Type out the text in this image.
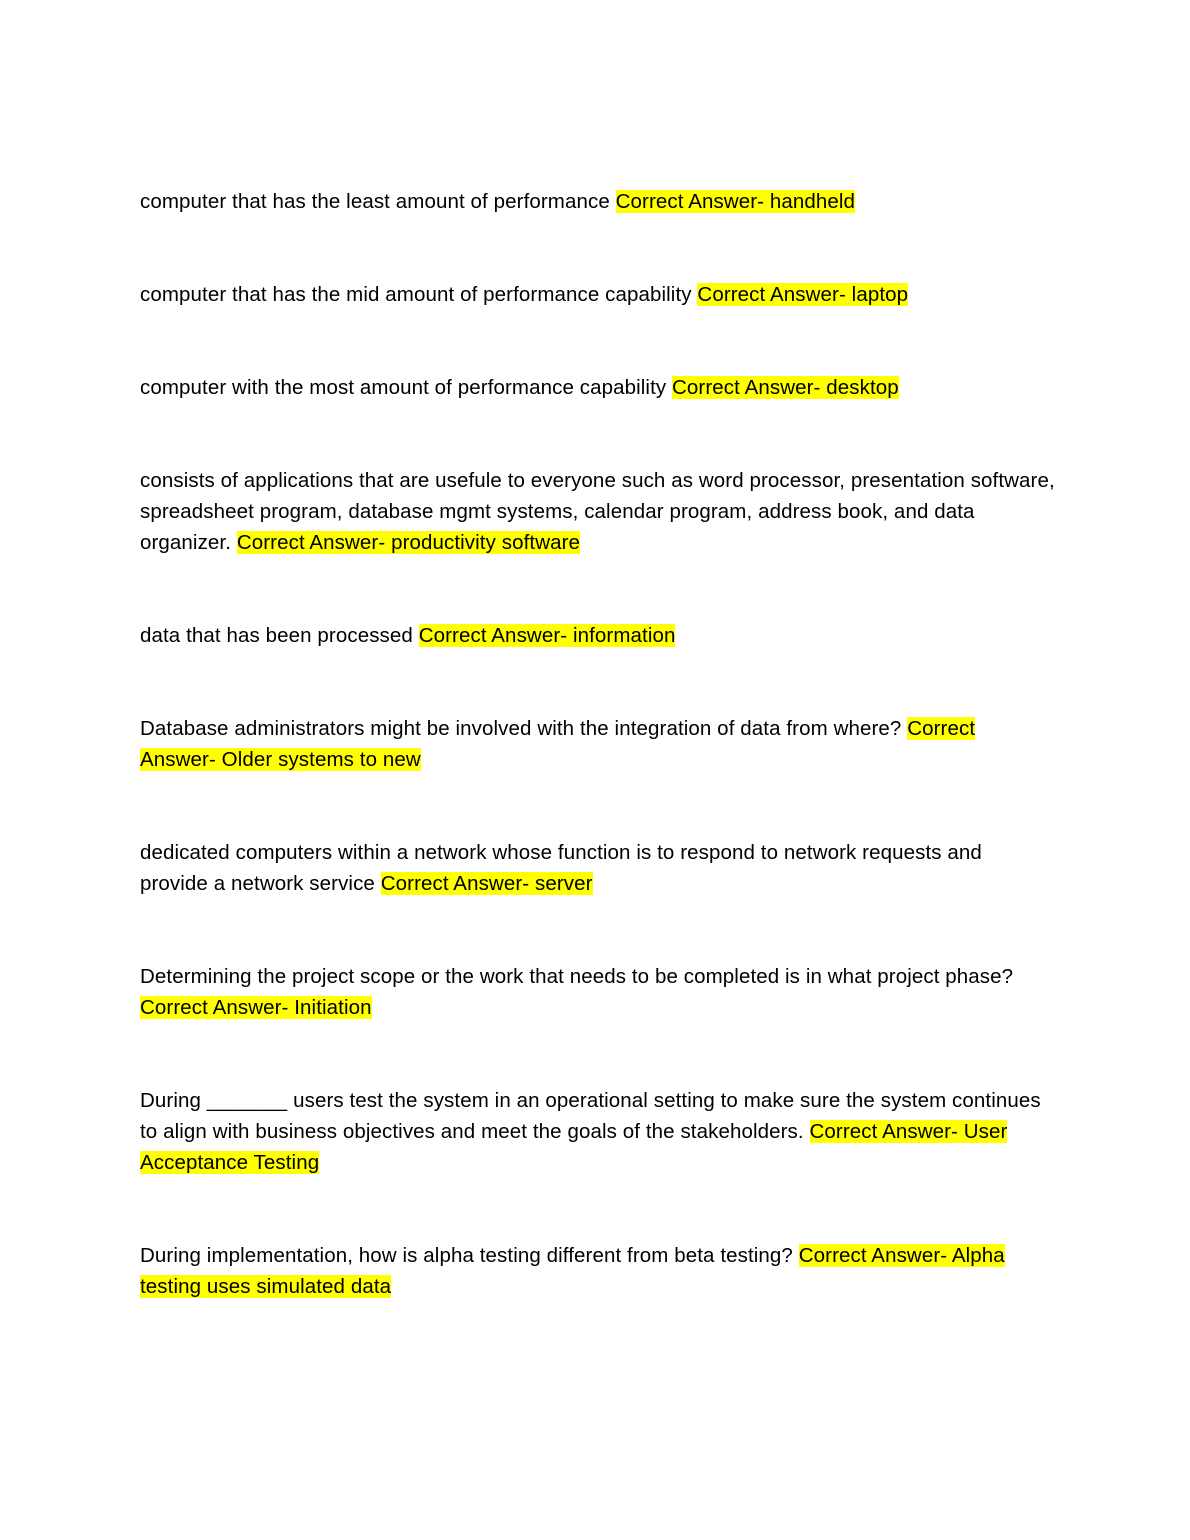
computer that has the least amount of performance Correct Answer- handheld
computer that has the mid amount of performance capability Correct Answer- laptop
computer with the most amount of performance capability Correct Answer- desktop
consists of applications that are usefule to everyone such as word processor, presentation software, spreadsheet program, database mgmt systems, calendar program, address book, and data organizer. Correct Answer- productivity software
data that has been processed Correct Answer- information
Database administrators might be involved with the integration of data from where? Correct Answer- Older systems to new
dedicated computers within a network whose function is to respond to network requests and provide a network service Correct Answer- server
Determining the project scope or the work that needs to be completed is in what project phase? Correct Answer- Initiation
During _______ users test the system in an operational setting to make sure the system continues to align with business objectives and meet the goals of the stakeholders. Correct Answer- User Acceptance Testing
During implementation, how is alpha testing different from beta testing? Correct Answer- Alpha testing uses simulated data
